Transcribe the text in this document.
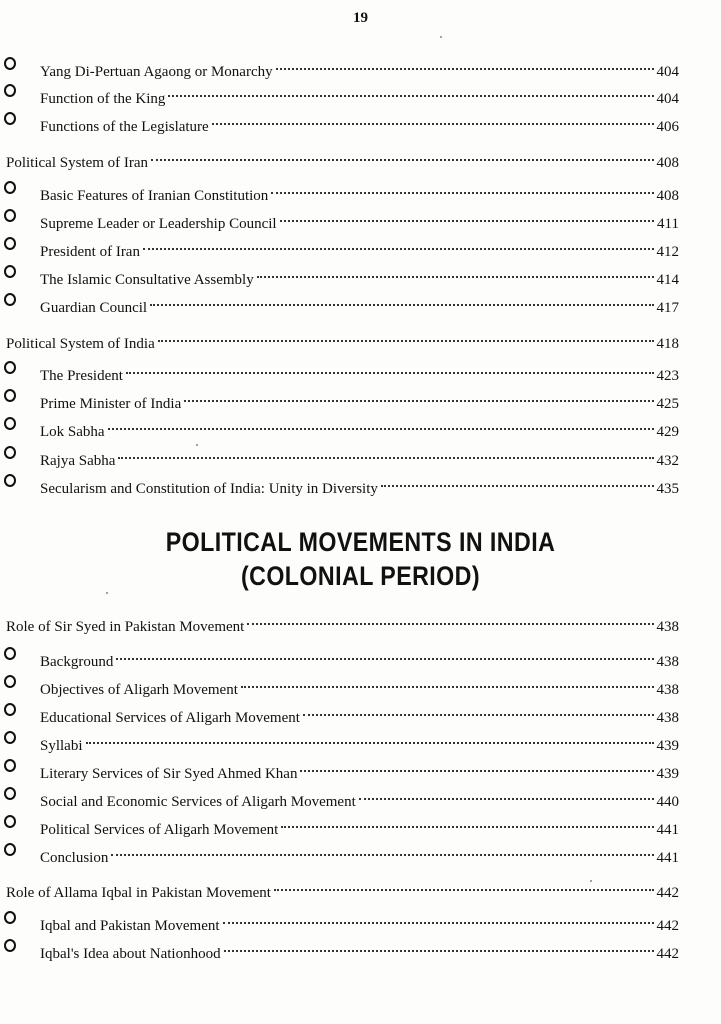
19
Yang Di-Pertuan Agaong or Monarchy	404
Function of the King	404
Functions of the Legislature	406
Political System of Iran	408
Basic Features of Iranian Constitution	408
Supreme Leader or Leadership Council	411
President of Iran	412
The Islamic Consultative Assembly	414
Guardian Council	417
Political System of India	418
The President	423
Prime Minister of India	425
Lok Sabha	429
Rajya Sabha	432
Secularism and Constitution of India: Unity in Diversity	435
Role of Sir Syed in Pakistan Movement	438
Background	438
Objectives of Aligarh Movement	438
Educational Services of Aligarh Movement	438
Syllabi	439
Literary Services of Sir Syed Ahmed Khan	439
Social and Economic Services of Aligarh Movement	440
Political Services of Aligarh Movement	441
Conclusion	441
Role of Allama Iqbal in Pakistan Movement	442
Iqbal and Pakistan Movement	442
Iqbal's Idea about Nationhood	442
POLITICAL MOVEMENTS IN INDIA
(COLONIAL PERIOD)
